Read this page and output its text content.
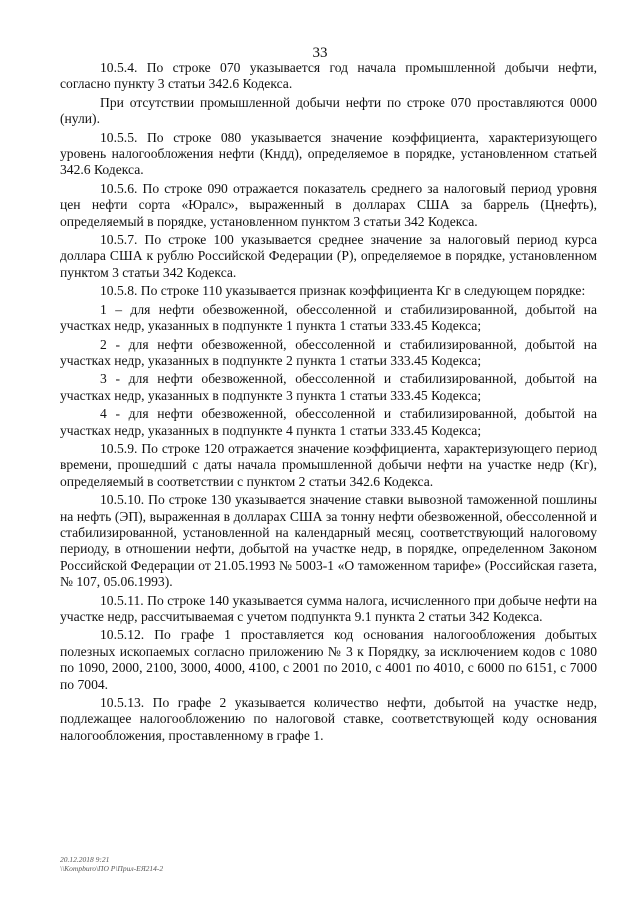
33

10.5.4. По строке 070 указывается год начала промышленной добычи нефти, согласно пункту 3 статьи 342.6 Кодекса.

При отсутствии промышленной добычи нефти по строке 070 проставляются 0000 (нули).

10.5.5. По строке 080 указывается значение коэффициента, характеризующего уровень налогообложения нефти (Кндд), определяемое в порядке, установленном статьей 342.6 Кодекса.

10.5.6. По строке 090 отражается показатель среднего за налоговый период уровня цен нефти сорта «Юралс», выраженный в долларах США за баррель (Цнефть), определяемый в порядке, установленном пунктом 3 статьи 342 Кодекса.

10.5.7. По строке 100 указывается среднее значение за налоговый период курса доллара США к рублю Российской Федерации (Р), определяемое в порядке, установленном пунктом 3 статьи 342 Кодекса.

10.5.8. По строке 110 указывается признак коэффициента Кг в следующем порядке:

1 – для нефти обезвоженной, обессоленной и стабилизированной, добытой на участках недр, указанных в подпункте 1 пункта 1 статьи 333.45 Кодекса;

2 - для нефти обезвоженной, обессоленной и стабилизированной, добытой на участках недр, указанных в подпункте 2 пункта 1 статьи 333.45 Кодекса;

3 - для нефти обезвоженной, обессоленной и стабилизированной, добытой на участках недр, указанных в подпункте 3 пункта 1 статьи 333.45 Кодекса;

4 - для нефти обезвоженной, обессоленной и стабилизированной, добытой на участках недр, указанных в подпункте 4 пункта 1 статьи 333.45 Кодекса;

10.5.9. По строке 120 отражается значение коэффициента, характеризующего период времени, прошедший с даты начала промышленной добычи нефти на участке недр (Кг), определяемый в соответствии с пунктом 2 статьи 342.6 Кодекса.

10.5.10. По строке 130 указывается значение ставки вывозной таможенной пошлины на нефть (ЭП), выраженная в долларах США за тонну нефти обезвоженной, обессоленной и стабилизированной, установленной на календарный месяц, соответствующий налоговому периоду, в отношении нефти, добытой на участке недр, в порядке, определенном Законом Российской Федерации от 21.05.1993 № 5003-1 «О таможенном тарифе» (Российская газета, № 107, 05.06.1993).

10.5.11. По строке 140 указывается сумма налога, исчисленного при добыче нефти на участке недр, рассчитываемая с учетом подпункта 9.1 пункта 2 статьи 342 Кодекса.

10.5.12. По графе 1 проставляется код основания налогообложения добытых полезных ископаемых согласно приложению № 3 к Порядку, за исключением кодов с 1080 по 1090, 2000, 2100, 3000, 4000, 4100, с 2001 по 2010, с 4001 по 4010, с 6000 по 6151, с 7000 по 7004.

10.5.13. По графе 2 указывается количество нефти, добытой на участке недр, подлежащее налогообложению по налоговой ставке, соответствующей коду основания налогообложения, проставленному в графе 1.

20.12.2018 9:21
\\Kompburo\ПО Р\Прил-ЕЯ214-2
